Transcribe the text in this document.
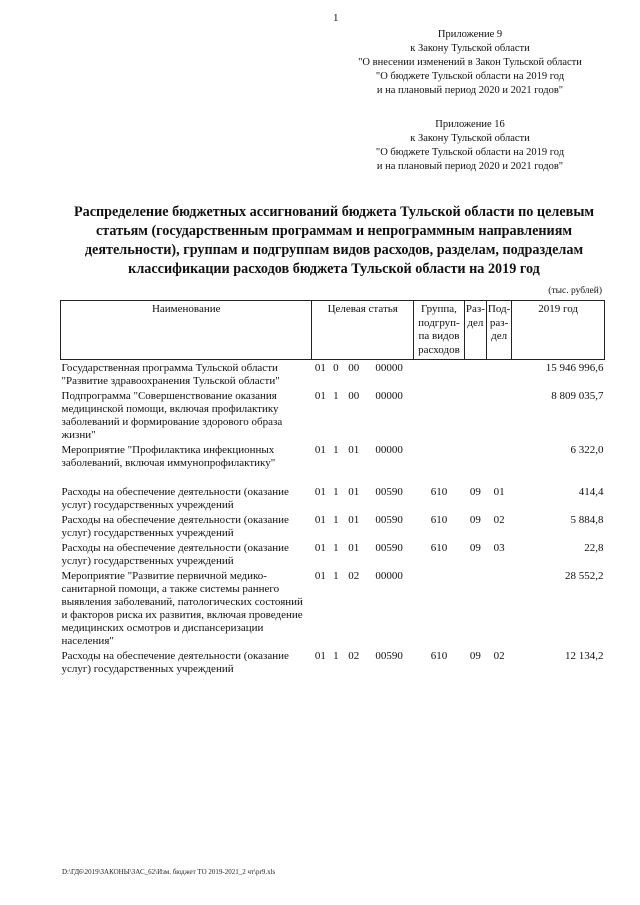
1
Приложение 9
к Закону Тульской области
"О внесении изменений в Закон Тульской области
"О бюджете Тульской области на 2019 год
и на плановый период 2020 и 2021 годов"
Приложение 16
к Закону Тульской области
"О бюджете Тульской области на 2019 год
и на плановый период 2020 и 2021 годов"
Распределение бюджетных ассигнований бюджета Тульской области по целевым статьям (государственным программам и непрограммным направлениям деятельности), группам и подгруппам видов расходов, разделам, подразделам классификации расходов бюджета Тульской области на 2019 год
(тыс. рублей)
Наименование	Целевая статья				Группа, подгруп- па видов расходов	Раз- дел	Под- раз- дел	2019 год
Государственная программа Тульской области "Развитие здравоохранения Тульской области"	01	0	00	00000				15 946 996,6
Подпрограмма "Совершенствование оказания медицинской помощи, включая профилактику заболеваний и формирование здорового образа жизни"	01	1	00	00000				8 809 035,7
Мероприятие "Профилактика инфекционных заболеваний, включая иммунопрофилактику"	01	1	01	00000				6 322,0

Расходы на обеспечение деятельности (оказание услуг) государственных учреждений	01	1	01	00590	610	09	01	414,4
Расходы на обеспечение деятельности (оказание услуг) государственных учреждений	01	1	01	00590	610	09	02	5 884,8
Расходы на обеспечение деятельности (оказание услуг) государственных учреждений	01	1	01	00590	610	09	03	22,8
Мероприятие "Развитие первичной медико-санитарной помощи, а также системы раннего выявления заболеваний, патологических состояний и факторов риска их развития, включая проведение медицинских осмотров и диспансеризации населения"	01	1	02	00000				28 552,2
Расходы на обеспечение деятельности (оказание услуг) государственных учреждений	01	1	02	00590	610	09	02	12 134,2
D:\ГД6\2019\ЗАКОНЫ\ЗАС_62\Изм. бюджет ТО 2019-2021_2 чт\pr9.xls
